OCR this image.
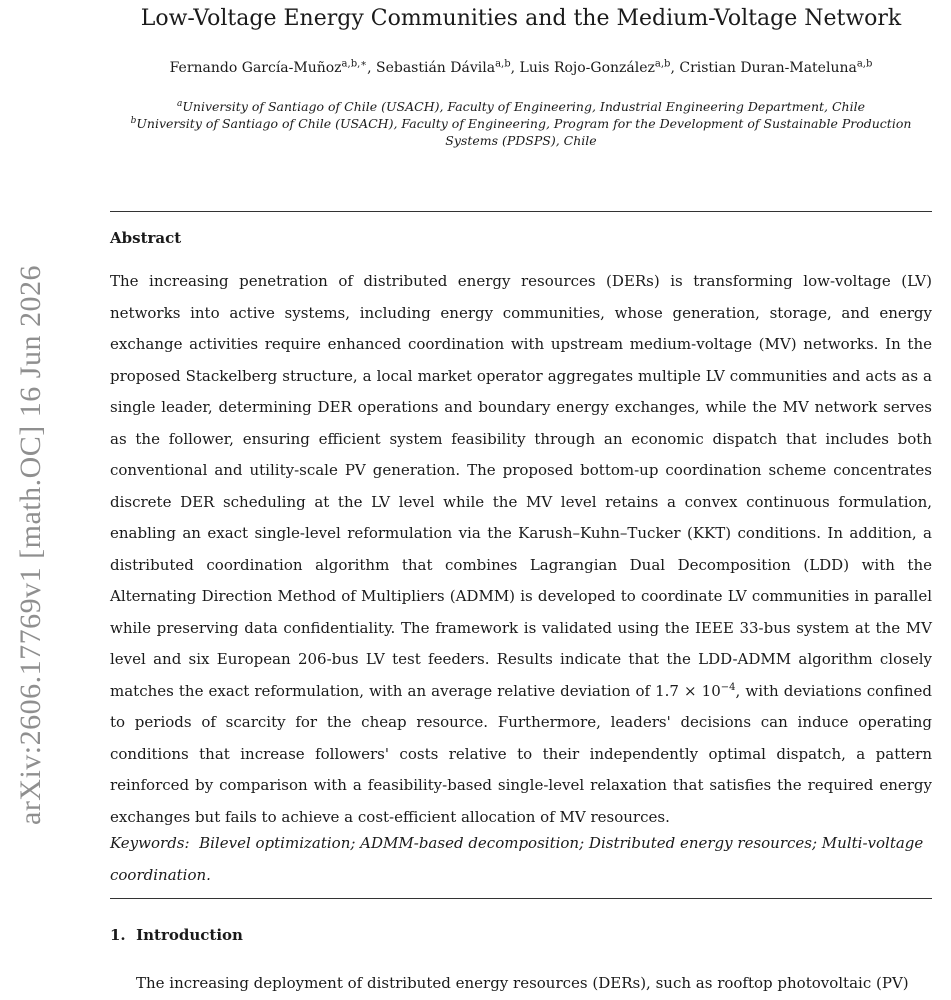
arXiv:2606.17769v1 [math.OC] 16 Jun 2026
Low-Voltage Energy Communities and the Medium-Voltage Network
Fernando García-Muñoz$^{a,b,∗}$, Sebastián Dávila$^{a,b}$, Luis Rojo-González$^{a,b}$, Cristian Duran-Mateluna$^{a,b}$
$^a$University of Santiago of Chile (USACH), Faculty of Engineering, Industrial Engineering Department, Chile
$^b$University of Santiago of Chile (USACH), Faculty of Engineering, Program for the Development of Sustainable Production Systems (PDSPS), Chile
Abstract
The increasing penetration of distributed energy resources (DERs) is transforming low-voltage (LV) networks into active systems, including energy communities, whose generation, storage, and energy exchange activities require enhanced coordination with upstream medium-voltage (MV) networks. In the proposed Stackelberg structure, a local market operator aggregates multiple LV communities and acts as a single leader, determining DER operations and boundary energy exchanges, while the MV network serves as the follower, ensuring efficient system feasibility through an economic dispatch that includes both conventional and utility-scale PV generation. The proposed bottom-up coordination scheme concentrates discrete DER scheduling at the LV level while the MV level retains a convex continuous formulation, enabling an exact single-level reformulation via the Karush–Kuhn–Tucker (KKT) conditions. In addition, a distributed coordination algorithm that combines Lagrangian Dual Decomposition (LDD) with the Alternating Direction Method of Multipliers (ADMM) is developed to coordinate LV communities in parallel while preserving data confidentiality. The framework is validated using the IEEE 33-bus system at the MV level and six European 206-bus LV test feeders. Results indicate that the LDD-ADMM algorithm closely matches the exact reformulation, with an average relative deviation of $1.7 \times 10^{-4}$, with deviations confined to periods of scarcity for the cheap resource. Furthermore, leaders' decisions can induce operating conditions that increase followers' costs relative to their independently optimal dispatch, a pattern reinforced by comparison with a feasibility-based single-level relaxation that satisfies the required energy exchanges but fails to achieve a cost-efficient allocation of MV resources.
Keywords: Bilevel optimization; ADMM-based decomposition; Distributed energy resources; Multi-voltage coordination.
1. Introduction
The increasing deployment of distributed energy resources (DERs), such as rooftop photovoltaic (PV)
